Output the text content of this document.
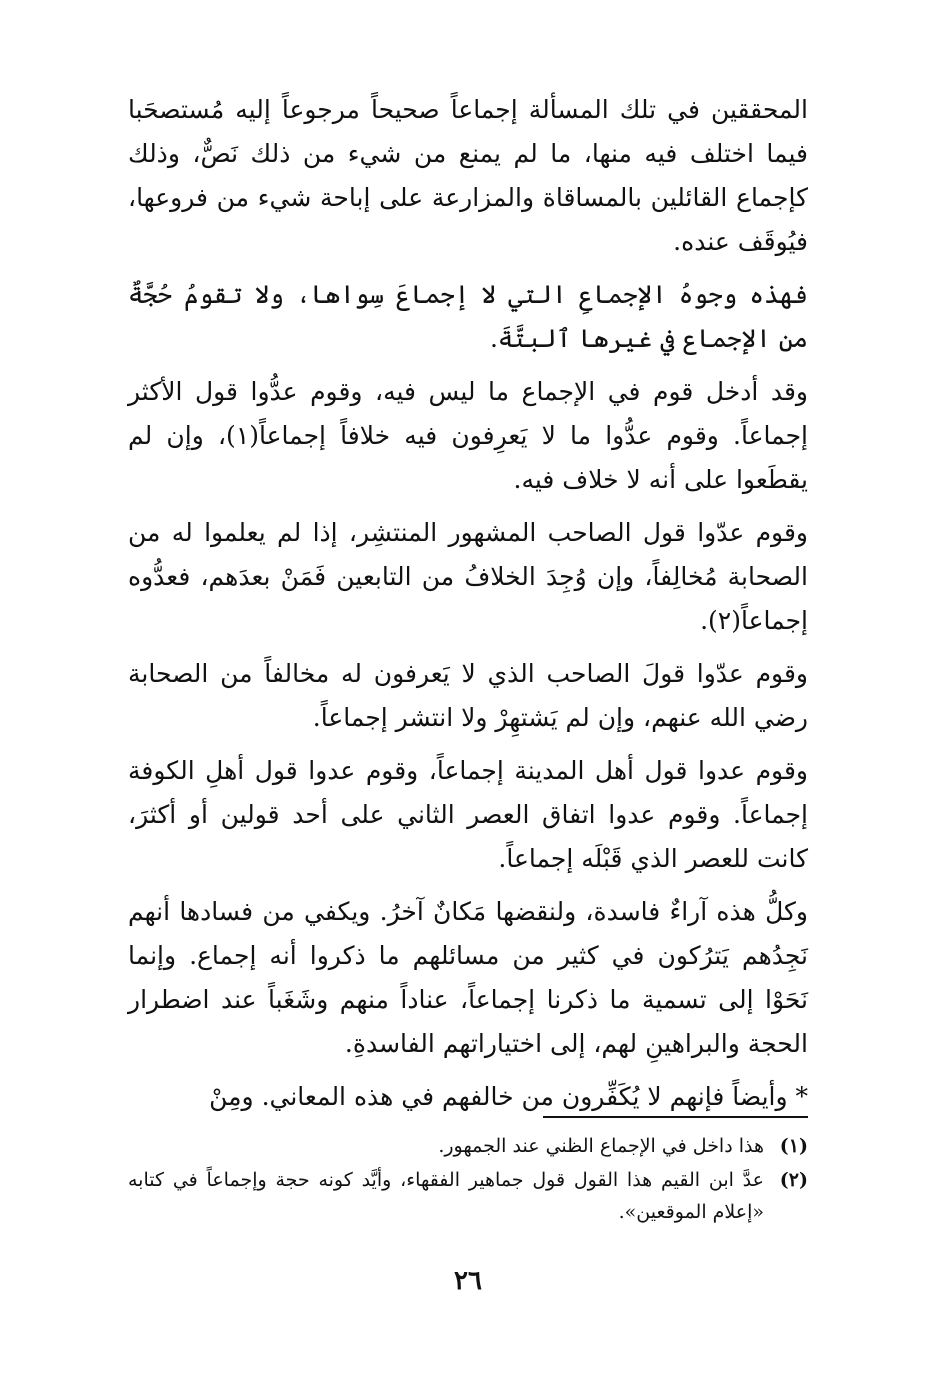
المحققين في تلك المسألة إجماعاً صحيحاً مرجوعاً إليه مُستصحَبا فيما اختلف فيه منها، ما لم يمنع من شيء من ذلك نَصٌّ، وذلك كإجماع القائلين بالمساقاة والمزارعة على إباحة شيء من فروعها، فيُوقَف عنده.

فهذه وجوهُ الإجماعِ التي لا إجماعَ سِواها، ولا تقومُ حُجَّةٌ من الإجماع في غيرها ٱلبتَّةَ.

وقد أدخل قوم في الإجماع ما ليس فيه، وقوم عدُّوا قول الأكثر إجماعاً. وقوم عدُّوا ما لا يَعرِفون فيه خلافاً إجماعاً(١)، وإن لم يقطَعوا على أنه لا خلاف فيه.

وقوم عدّوا قول الصاحب المشهور المنتشِر، إذا لم يعلموا له من الصحابة مُخالِفاً، وإن وُجِدَ الخلافُ من التابعين فَمَنْ بعدَهم، فعدُّوه إجماعاً(٢).

وقوم عدّوا قولَ الصاحب الذي لا يَعرفون له مخالفاً من الصحابة رضي الله عنهم، وإن لم يَشتهِرْ ولا انتشر إجماعاً.

وقوم عدوا قول أهل المدينة إجماعاً، وقوم عدوا قول أهلِ الكوفة إجماعاً. وقوم عدوا اتفاق العصر الثاني على أحد قولين أو أكثرَ، كانت للعصر الذي قَبْلَه إجماعاً.

وكلُّ هذه آراءٌ فاسدة، ولنقضها مَكانٌ آخرُ. ويكفي من فسادها أنهم نَجِدُهم يَترُكون في كثير من مسائلهم ما ذكروا أنه إجماع. وإنما نَحَوْا إلى تسمية ما ذكرنا إجماعاً، عناداً منهم وشَغَباً عند اضطرار الحجة والبراهينِ لهم، إلى اختياراتهم الفاسدةِ.

* وأيضاً فإنهم لا يُكَفِّرون من خالفهم في هذه المعاني. ومِنْ

(١)
هذا داخل في الإجماع الظني عند الجمهور.
(٢)
عدَّ ابن القيم هذا القول قول جماهير الفقهاء، وأيَّد كونه حجة وإجماعاً في كتابه «إعلام الموقعين».
٢٦
